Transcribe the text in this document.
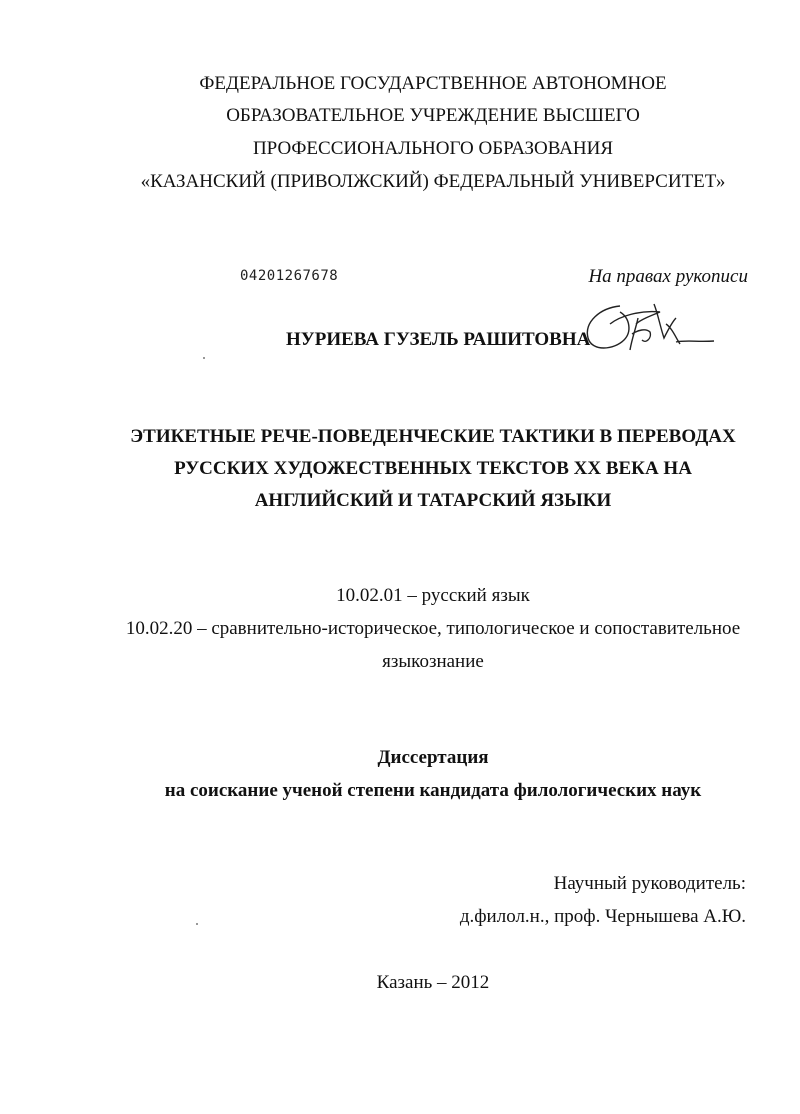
ФЕДЕРАЛЬНОЕ ГОСУДАРСТВЕННОЕ АВТОНОМНОЕ
ОБРАЗОВАТЕЛЬНОЕ УЧРЕЖДЕНИЕ ВЫСШЕГО
ПРОФЕССИОНАЛЬНОГО ОБРАЗОВАНИЯ
«КАЗАНСКИЙ (ПРИВОЛЖСКИЙ) ФЕДЕРАЛЬНЫЙ УНИВЕРСИТЕТ»
04201267678	На правах рукописи
НУРИЕВА ГУЗЕЛЬ РАШИТОВНА
ЭТИКЕТНЫЕ РЕЧЕ-ПОВЕДЕНЧЕСКИЕ ТАКТИКИ В ПЕРЕВОДАХ
РУССКИХ ХУДОЖЕСТВЕННЫХ ТЕКСТОВ XX ВЕКА НА
АНГЛИЙСКИЙ И ТАТАРСКИЙ ЯЗЫКИ
10.02.01 – русский язык
10.02.20 – сравнительно-историческое, типологическое и сопоставительное
языкознание
Диссертация
на соискание ученой степени кандидата филологических наук
Научный руководитель:
д.филол.н., проф. Чернышева А.Ю.
Казань – 2012
